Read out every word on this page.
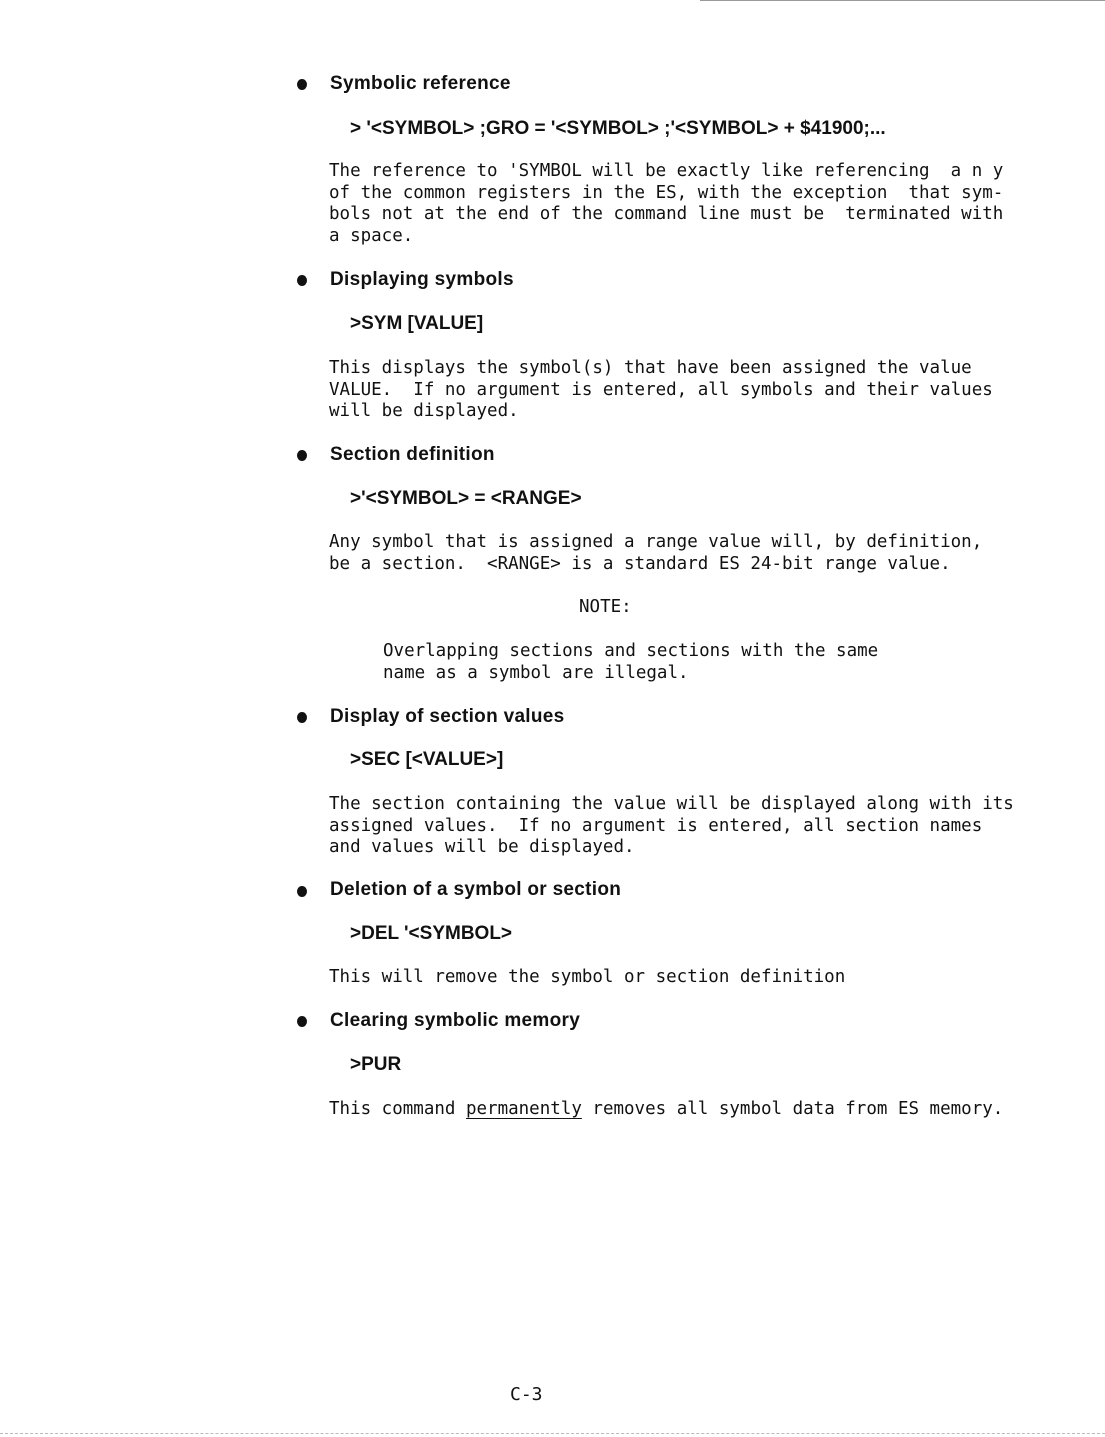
Symbolic reference
> '<SYMBOL> ;GRO = '<SYMBOL> ;'<SYMBOL> + $41900;...
The reference to 'SYMBOL will be exactly like referencing  a n y
of the common registers in the ES, with the exception  that sym-
bols not at the end of the command line must be  terminated with
a space.
Displaying symbols
>SYM [VALUE]
This displays the symbol(s) that have been assigned the value
VALUE.  If no argument is entered, all symbols and their values
will be displayed.
Section definition
>'<SYMBOL> = <RANGE>
Any symbol that is assigned a range value will, by definition,
be a section.  <RANGE> is a standard ES 24-bit range value.
NOTE:
Overlapping sections and sections with the same
name as a symbol are illegal.
Display of section values
>SEC [<VALUE>]
The section containing the value will be displayed along with its
assigned values.  If no argument is entered, all section names
and values will be displayed.
Deletion of a symbol or section
>DEL '<SYMBOL>
This will remove the symbol or section definition
Clearing symbolic memory
>PUR
This command permanently removes all symbol data from ES memory.
C-3
